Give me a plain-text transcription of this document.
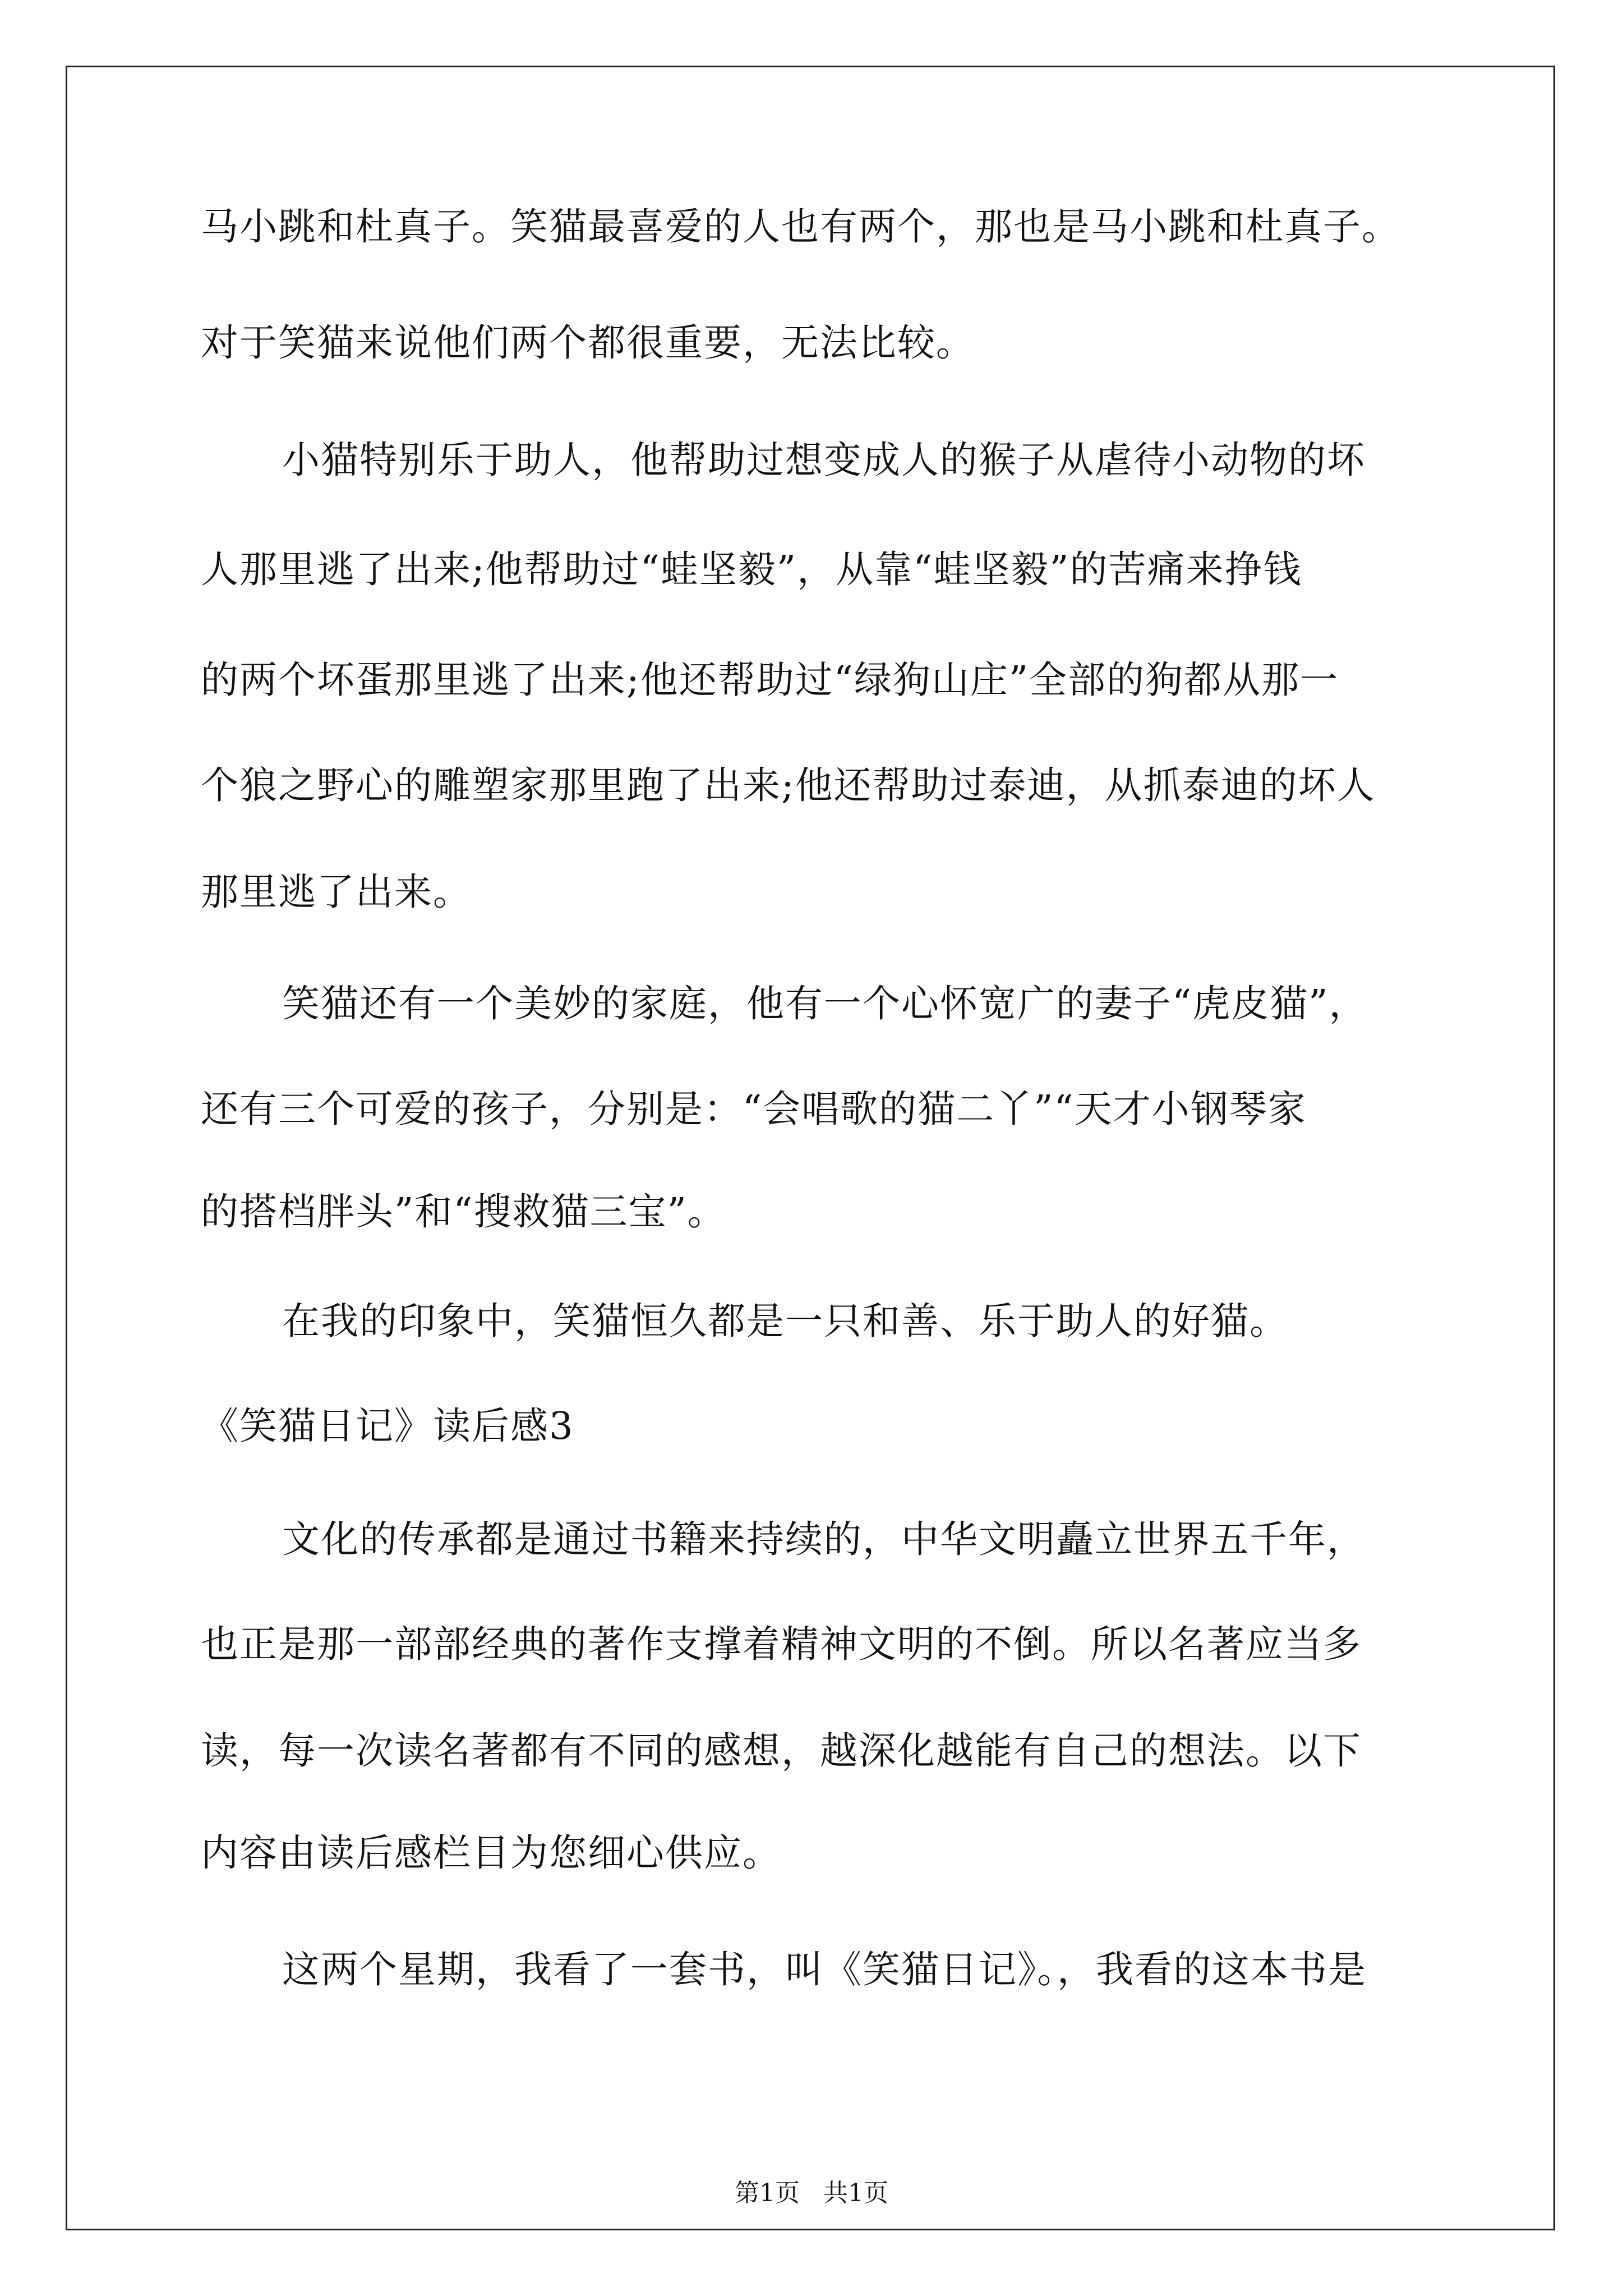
马小跳和杜真子。笑猫最喜爱的人也有两个，那也是马小跳和杜真子。
对于笑猫来说他们两个都很重要，无法比较。
小猫特别乐于助人，他帮助过想变成人的猴子从虐待小动物的坏
人那里逃了出来;他帮助过“蛙坚毅”，从靠“蛙坚毅”的苦痛来挣钱
的两个坏蛋那里逃了出来;他还帮助过“绿狗山庄”全部的狗都从那一
个狼之野心的雕塑家那里跑了出来;他还帮助过泰迪，从抓泰迪的坏人
那里逃了出来。
笑猫还有一个美妙的家庭，他有一个心怀宽广的妻子“虎皮猫”，
还有三个可爱的孩子，分别是：“会唱歌的猫二丫”“天才小钢琴家
的搭档胖头”和“搜救猫三宝”。
在我的印象中，笑猫恒久都是一只和善、乐于助人的好猫。
《笑猫日记》读后感3
文化的传承都是通过书籍来持续的，中华文明矗立世界五千年，
也正是那一部部经典的著作支撑着精神文明的不倒。所以名著应当多
读，每一次读名著都有不同的感想，越深化越能有自己的想法。以下
内容由读后感栏目为您细心供应。
这两个星期，我看了一套书，叫《笑猫日记》。，我看的这本书是
第1页   共1页
